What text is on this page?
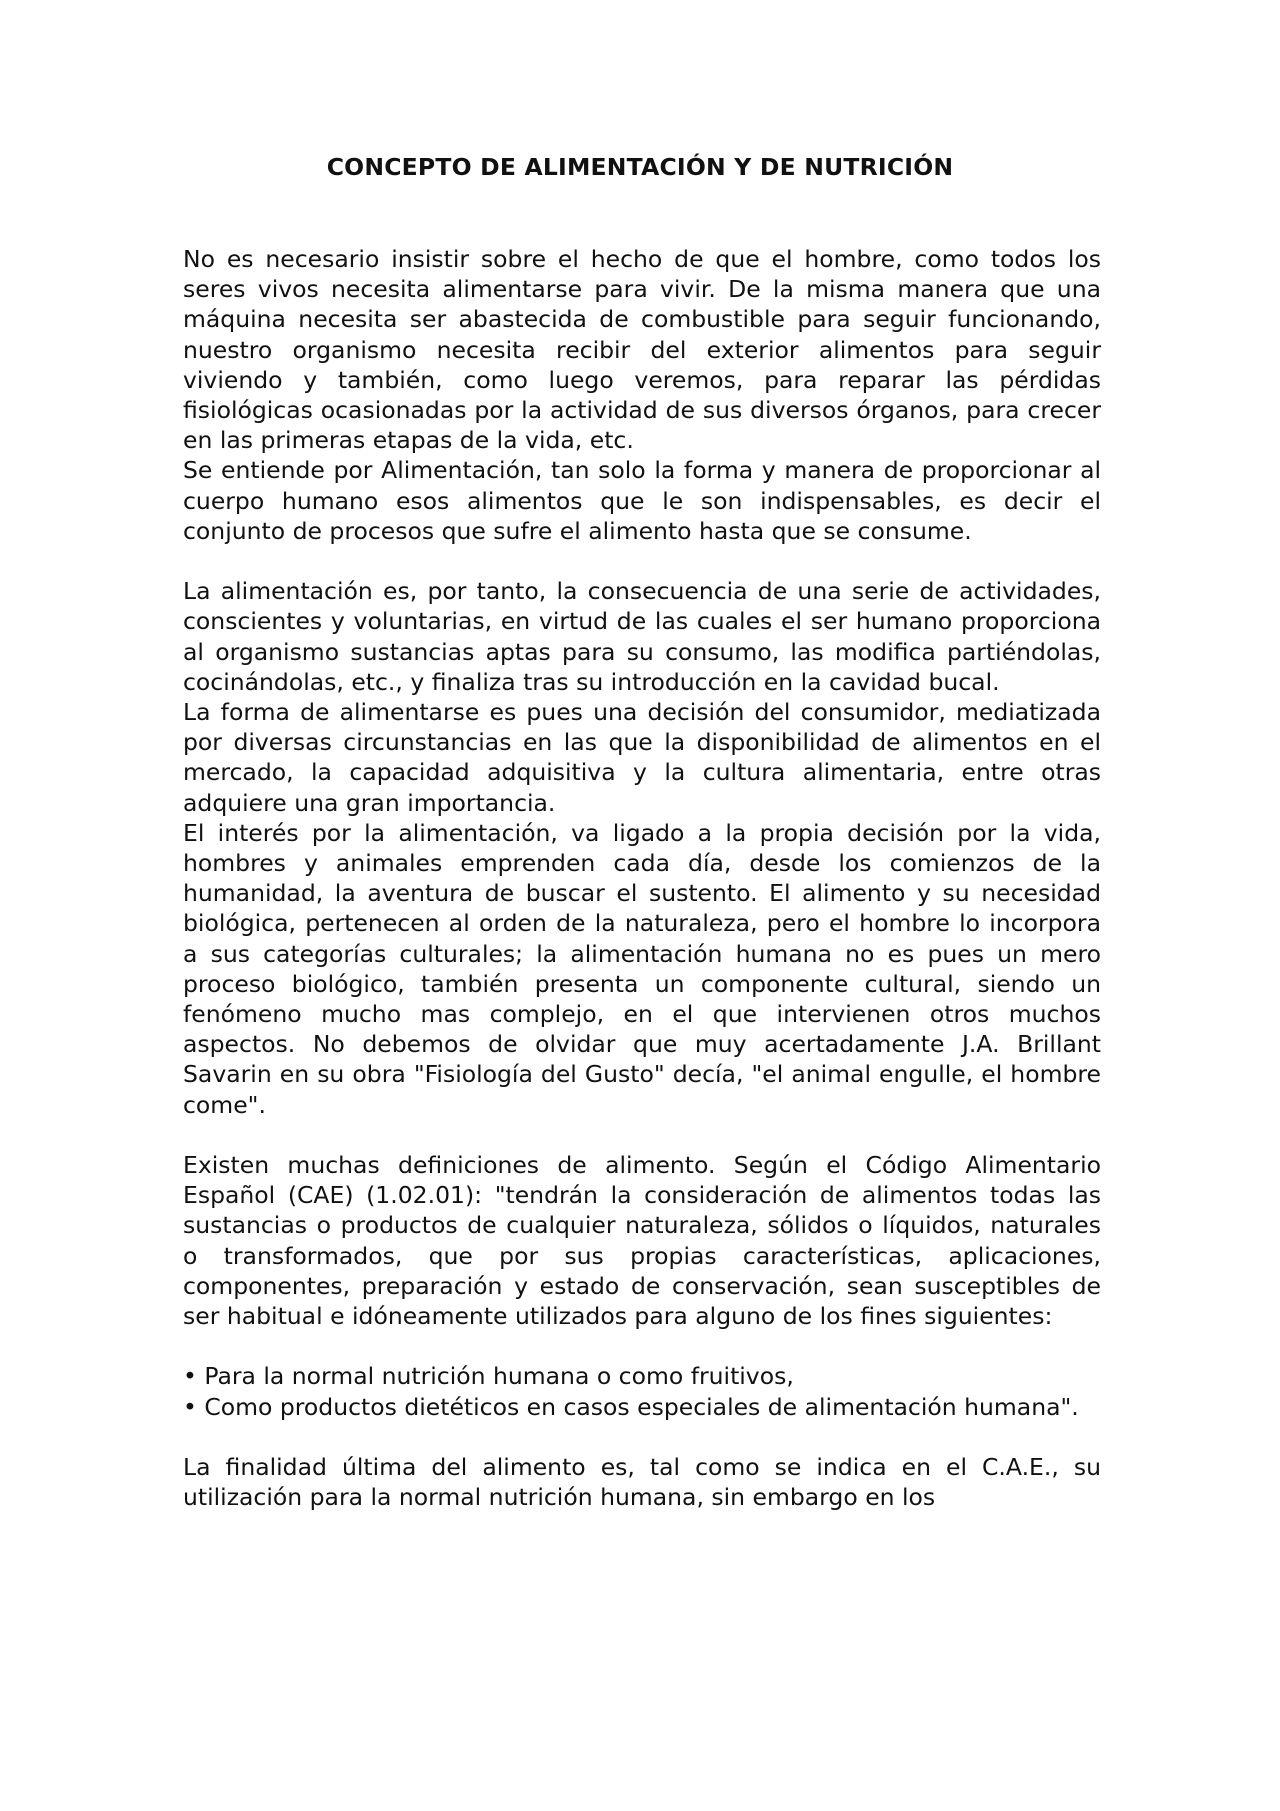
CONCEPTO DE ALIMENTACIÓN Y DE NUTRICIÓN

No es necesario insistir sobre el hecho de que el hombre, como todos los seres vivos necesita alimentarse para vivir. De la misma manera que una máquina necesita ser abastecida de combustible para seguir funcionando, nuestro organismo necesita recibir del exterior alimentos para seguir viviendo y también, como luego veremos, para reparar las pérdidas fisiológicas ocasionadas por la actividad de sus diversos órganos, para crecer en las primeras etapas de la vida, etc.

Se entiende por Alimentación, tan solo la forma y manera de proporcionar al cuerpo humano esos alimentos que le son indispensables, es decir el conjunto de procesos que sufre el alimento hasta que se consume.

La alimentación es, por tanto, la consecuencia de una serie de actividades, conscientes y voluntarias, en virtud de las cuales el ser humano proporciona al organismo sustancias aptas para su consumo, las modifica partiéndolas, cocinándolas, etc., y finaliza tras su introducción en la cavidad bucal.

La forma de alimentarse es pues una decisión del consumidor, mediatizada por diversas circunstancias en las que la disponibilidad de alimentos en el mercado, la capacidad adquisitiva y la cultura alimentaria, entre otras adquiere una gran importancia.

El interés por la alimentación, va ligado a la propia decisión por la vida, hombres y animales emprenden cada día, desde los comienzos de la humanidad, la aventura de buscar el sustento. El alimento y su necesidad biológica, pertenecen al orden de la naturaleza, pero el hombre lo incorpora a sus categorías culturales; la alimentación humana no es pues un mero proceso biológico, también presenta un componente cultural, siendo un fenómeno mucho mas complejo, en el que intervienen otros muchos aspectos. No debemos de olvidar que muy acertadamente J.A. Brillant Savarin en su obra "Fisiología del Gusto" decía, "el animal engulle, el hombre come".

Existen muchas definiciones de alimento. Según el Código Alimentario Español (CAE) (1.02.01): "tendrán la consideración de alimentos todas las sustancias o productos de cualquier naturaleza, sólidos o líquidos, naturales o transformados, que por sus propias características, aplicaciones, componentes, preparación y estado de conservación, sean susceptibles de ser habitual e idóneamente utilizados para alguno de los fines siguientes:

• Para la normal nutrición humana o como fruitivos,

• Como productos dietéticos en casos especiales de alimentación humana".

La finalidad última del alimento es, tal como se indica en el C.A.E., su utilización para la normal nutrición humana, sin embargo en los
